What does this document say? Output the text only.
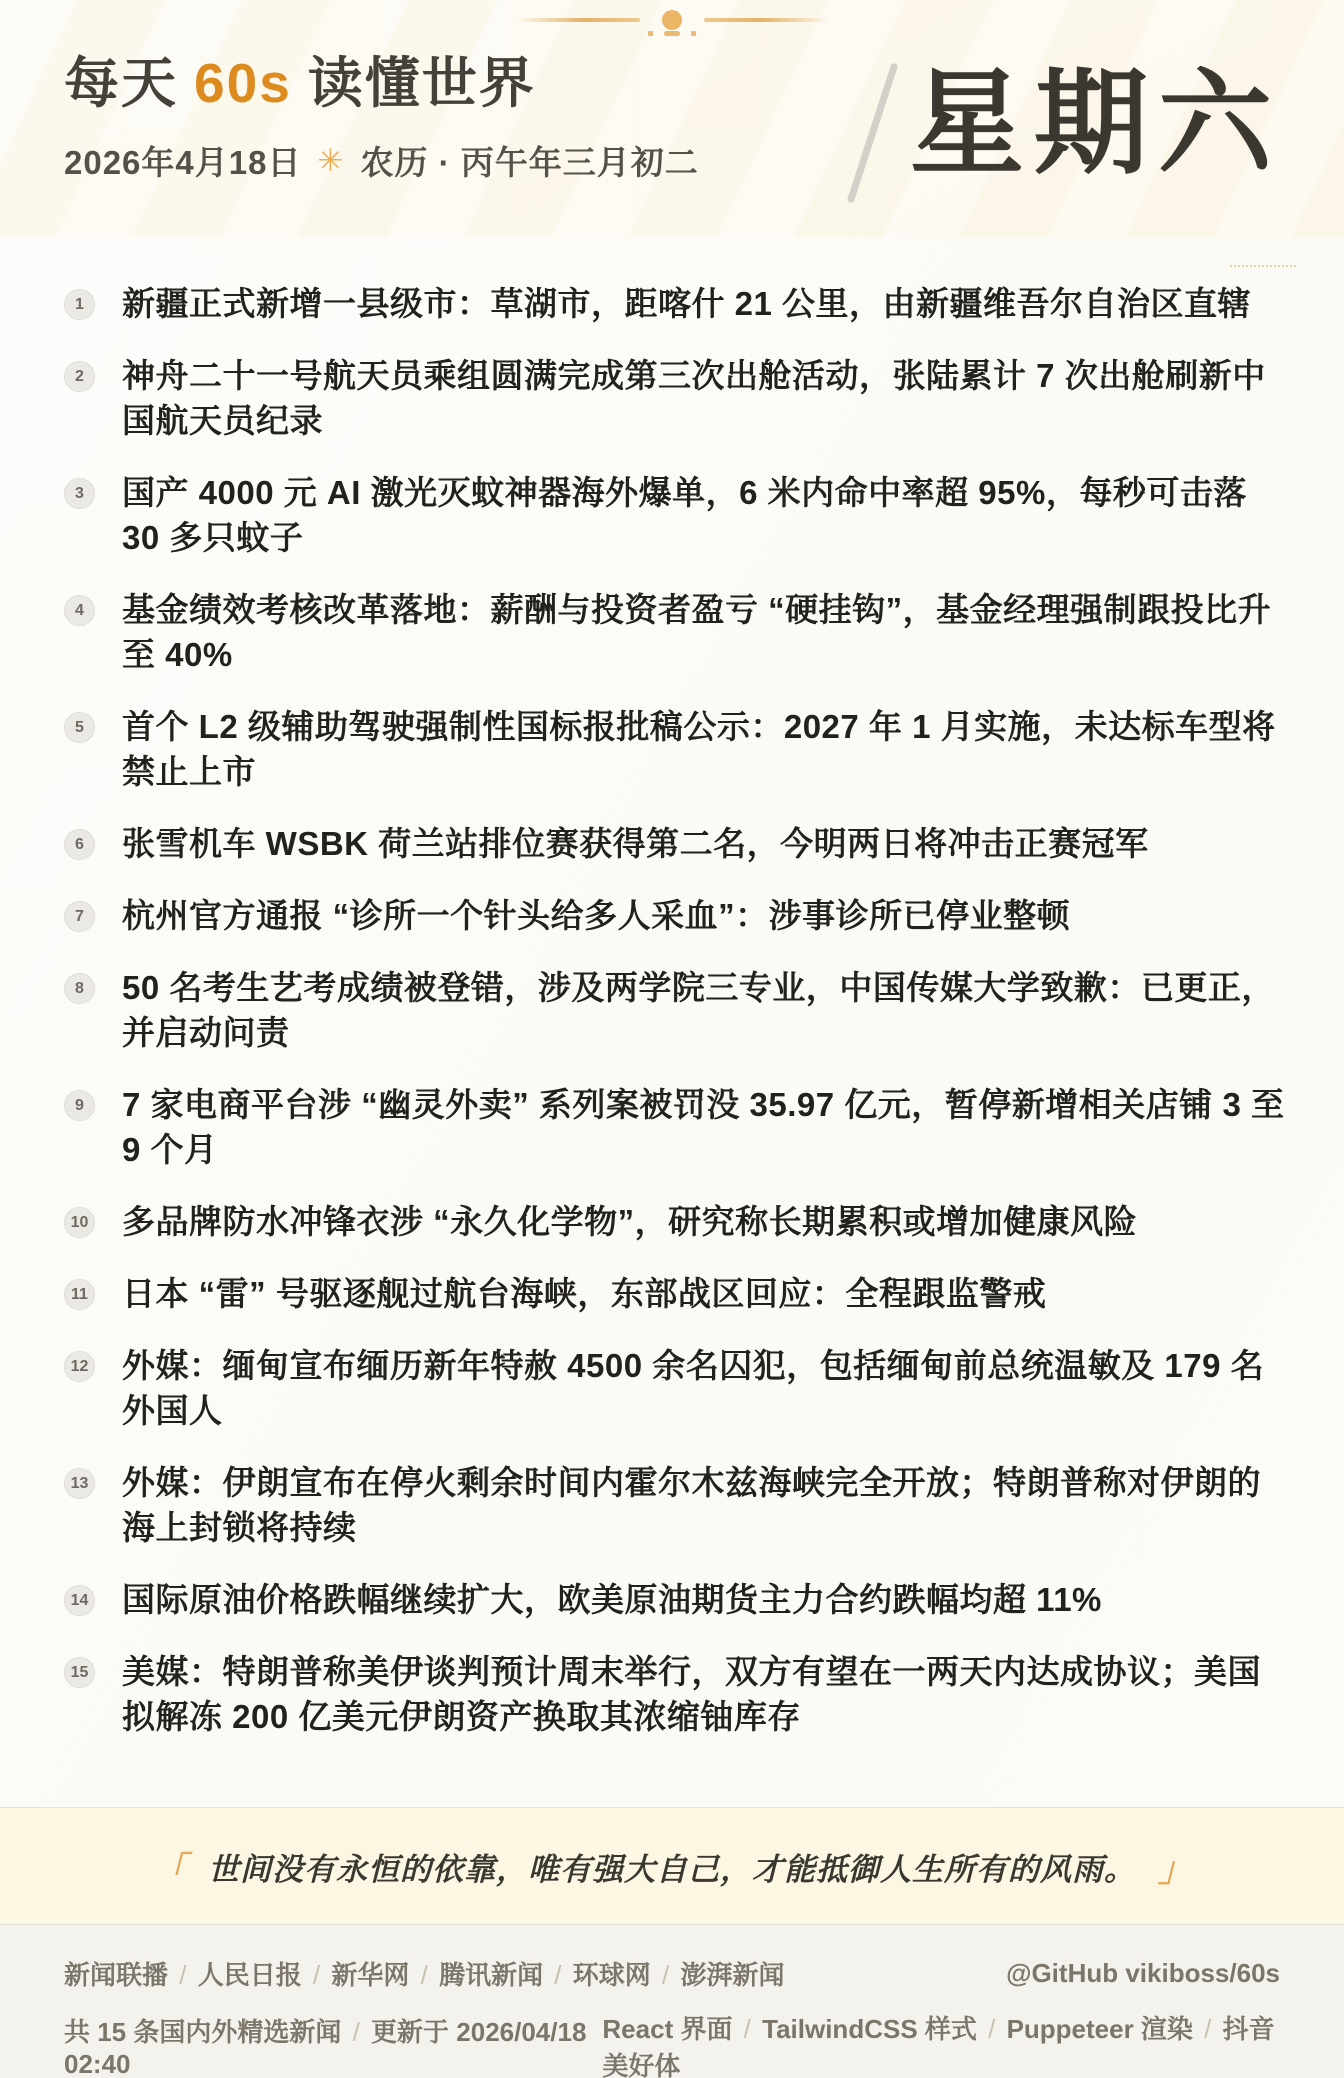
每天 60s 读懂世界
2026年4月18日 ✳ 农历 · 丙午年三月初二 星期六
1 新疆正式新增一县级市：草湖市，距喀什 21 公里，由新疆维吾尔自治区直辖
2 神舟二十一号航天员乘组圆满完成第三次出舱活动，张陆累计 7 次出舱刷新中国航天员纪录
3 国产 4000 元 AI 激光灭蚊神器海外爆单，6 米内命中率超 95%，每秒可击落 30 多只蚊子
4 基金绩效考核改革落地：薪酬与投资者盈亏 “硬挂钩”，基金经理强制跟投比升至 40%
5 首个 L2 级辅助驾驶强制性国标报批稿公示：2027 年 1 月实施，未达标车型将禁止上市
6 张雪机车 WSBK 荷兰站排位赛获得第二名，今明两日将冲击正赛冠军
7 杭州官方通报 “诊所一个针头给多人采血”：涉事诊所已停业整顿
8 50 名考生艺考成绩被登错，涉及两学院三专业，中国传媒大学致歉：已更正，并启动问责
9 7 家电商平台涉 “幽灵外卖” 系列案被罚没 35.97 亿元，暂停新增相关店铺 3 至 9 个月
10 多品牌防水冲锋衣涉 “永久化学物”，研究称长期累积或增加健康风险
11 日本 “雷” 号驱逐舰过航台海峡，东部战区回应：全程跟监警戒
12 外媒：缅甸宣布缅历新年特赦 4500 余名囚犯，包括缅甸前总统温敏及 179 名外国人
13 外媒：伊朗宣布在停火剩余时间内霍尔木兹海峡完全开放；特朗普称对伊朗的海上封锁将持续
14 国际原油价格跌幅继续扩大，欧美原油期货主力合约跌幅均超 11%
15 美媒：特朗普称美伊谈判预计周末举行，双方有望在一两天内达成协议；美国拟解冻 200 亿美元伊朗资产换取其浓缩铀库存
「 世间没有永恒的依靠，唯有强大自己，才能抵御人生所有的风雨。 」
新闻联播 / 人民日报 / 新华网 / 腾讯新闻 / 环球网 / 澎湃新闻	@GitHub vikiboss/60s
共 15 条国内外精选新闻 / 更新于 2026/04/18 02:40
React 界面 / TailwindCSS 样式 / Puppeteer 渲染 / 抖音美好体
